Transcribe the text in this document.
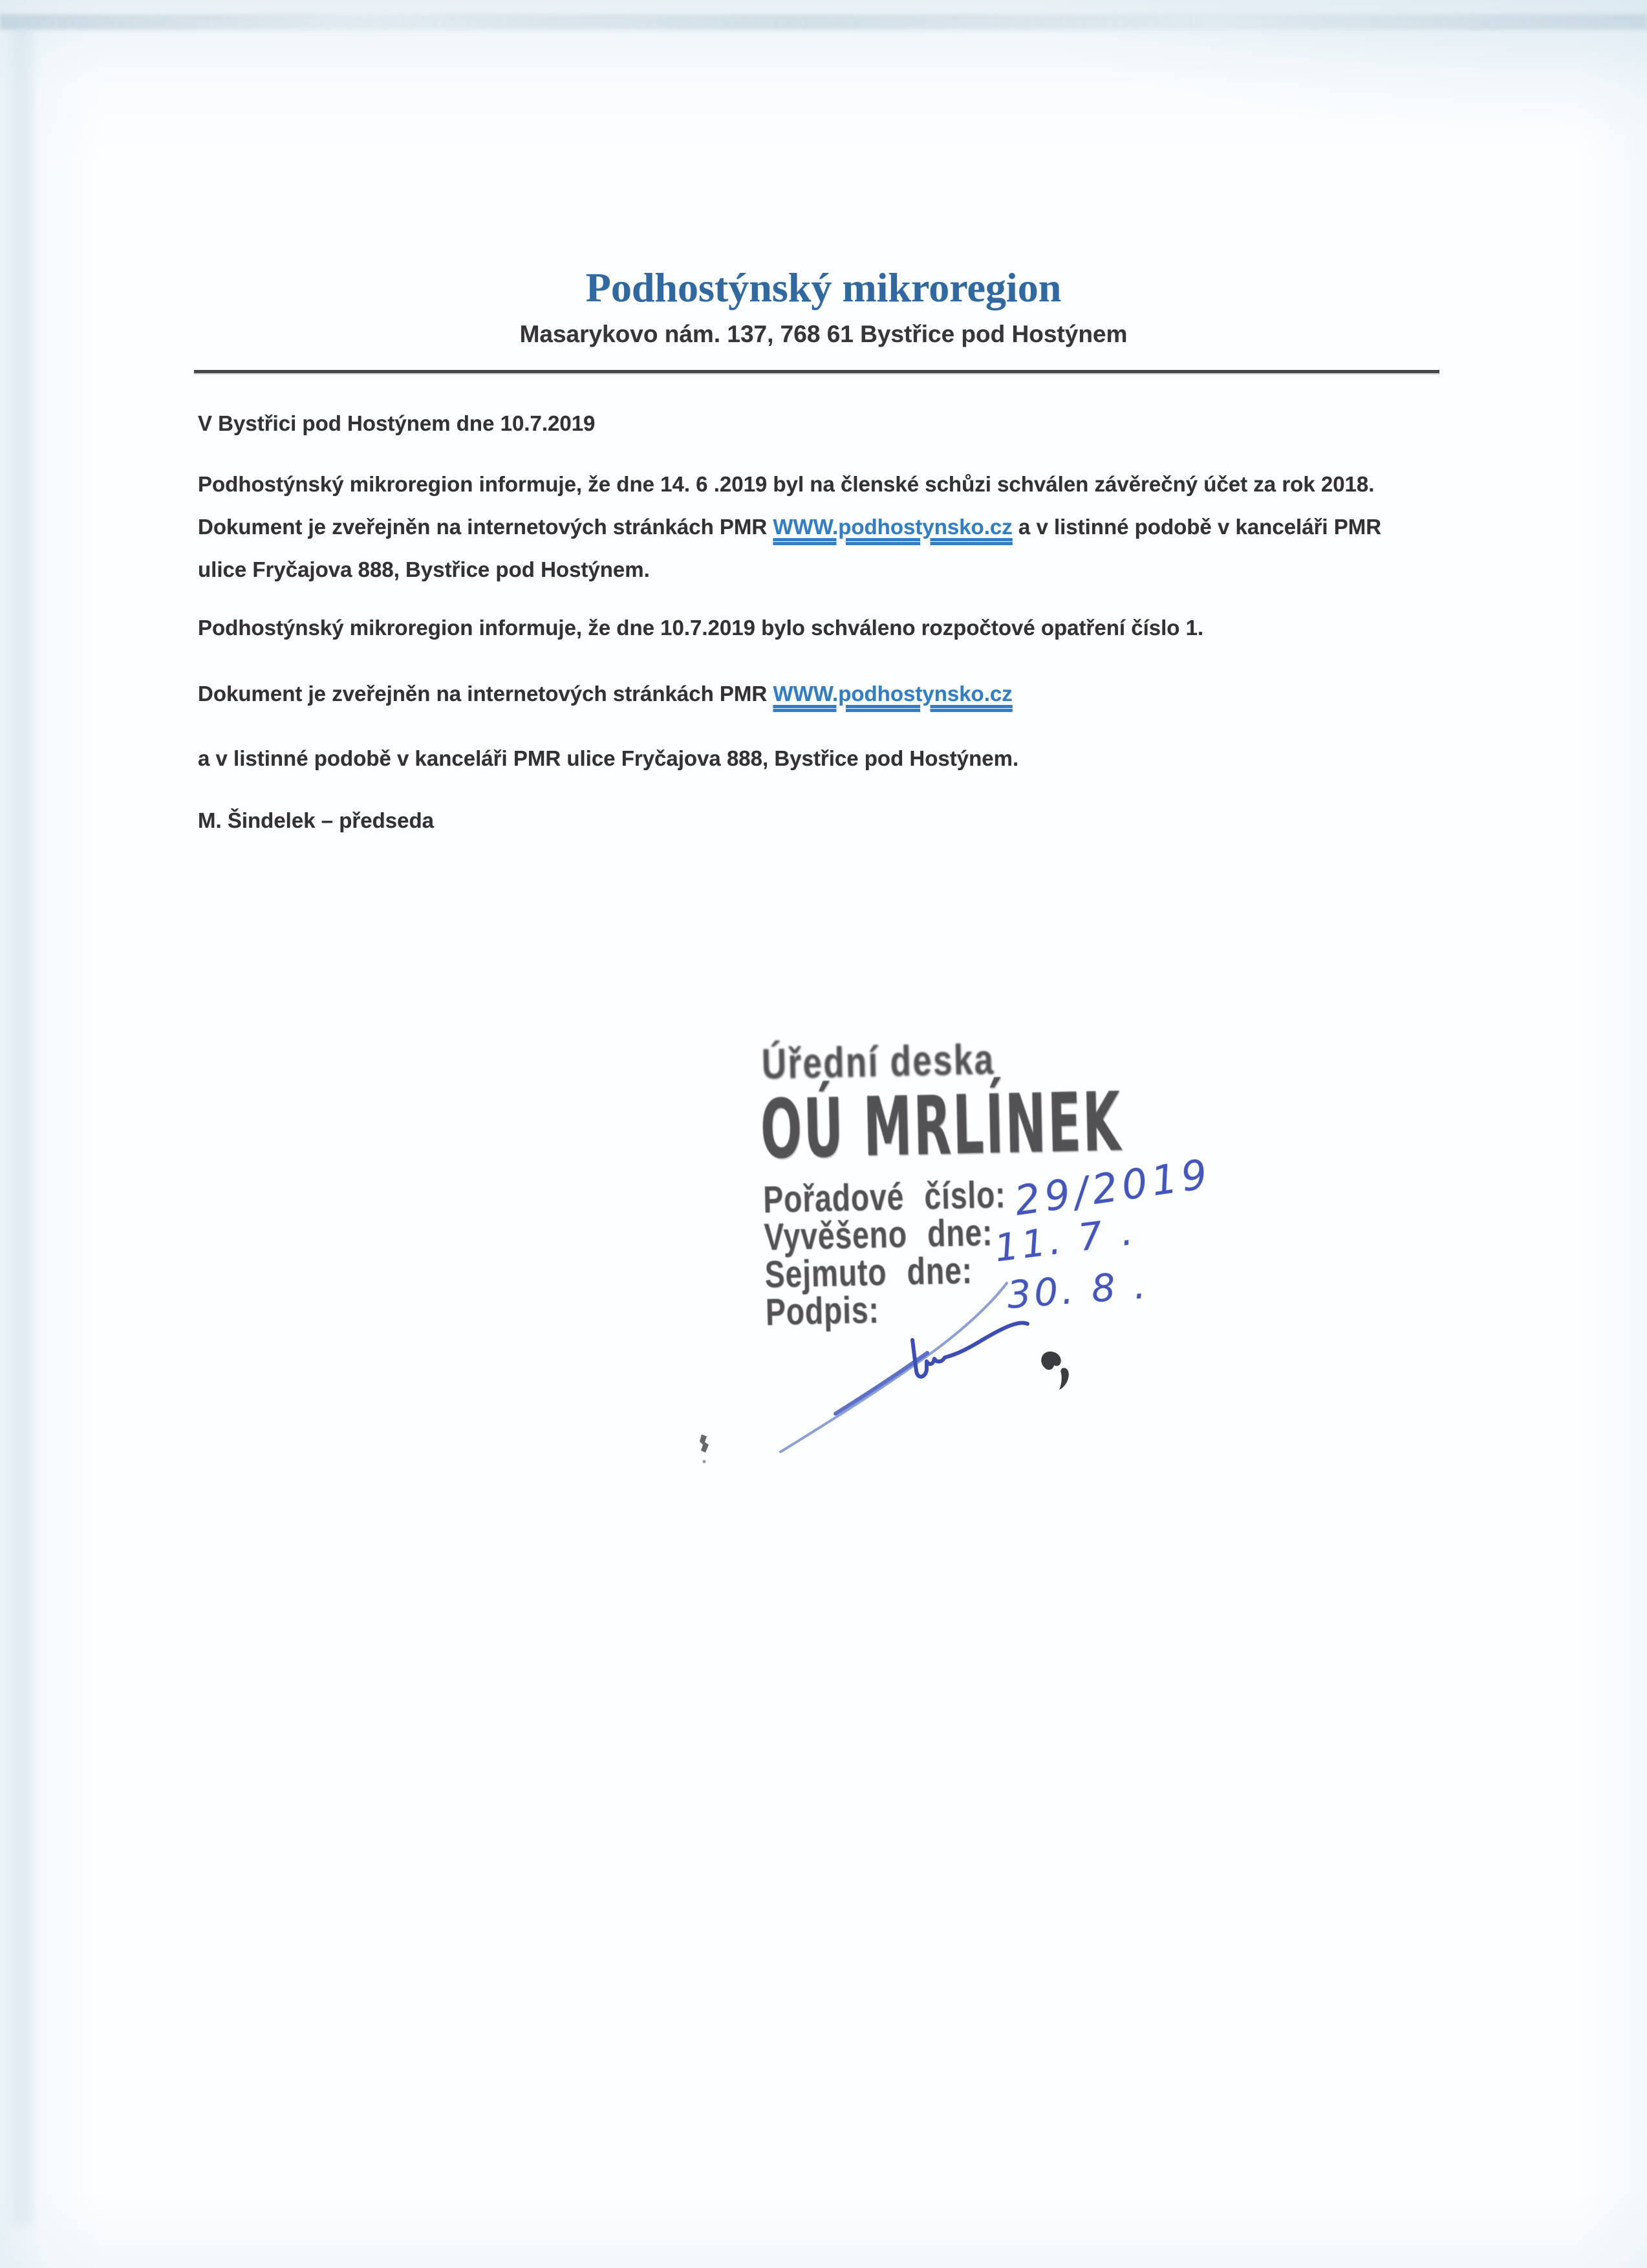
Podhostýnský mikroregion
Masarykovo nám. 137, 768 61 Bystřice pod Hostýnem

V Bystřici pod Hostýnem dne 10.7.2019

Podhostýnský mikroregion informuje, že dne 14. 6 .2019 byl na členské schůzi schválen závěrečný účet za rok 2018. Dokument je zveřejněn na internetových stránkách PMR WWW.podhostynsko.cz a v listinné podobě v kanceláři PMR ulice Fryčajova 888, Bystřice pod Hostýnem.

Podhostýnský mikroregion informuje, že dne 10.7.2019 bylo schváleno rozpočtové opatření číslo 1.

Dokument je zveřejněn na internetových stránkách PMR WWW.podhostynsko.cz

a v listinné podobě v kanceláři PMR ulice Fryčajova 888, Bystřice pod Hostýnem.

M. Šindelek – předseda

Úřední deska
OÚ MRLÍNEK
Pořadové číslo:
Vyvěšeno dne:
Sejmuto dne:
Podpis:
29/2019
11. 7 .
30. 8 .
